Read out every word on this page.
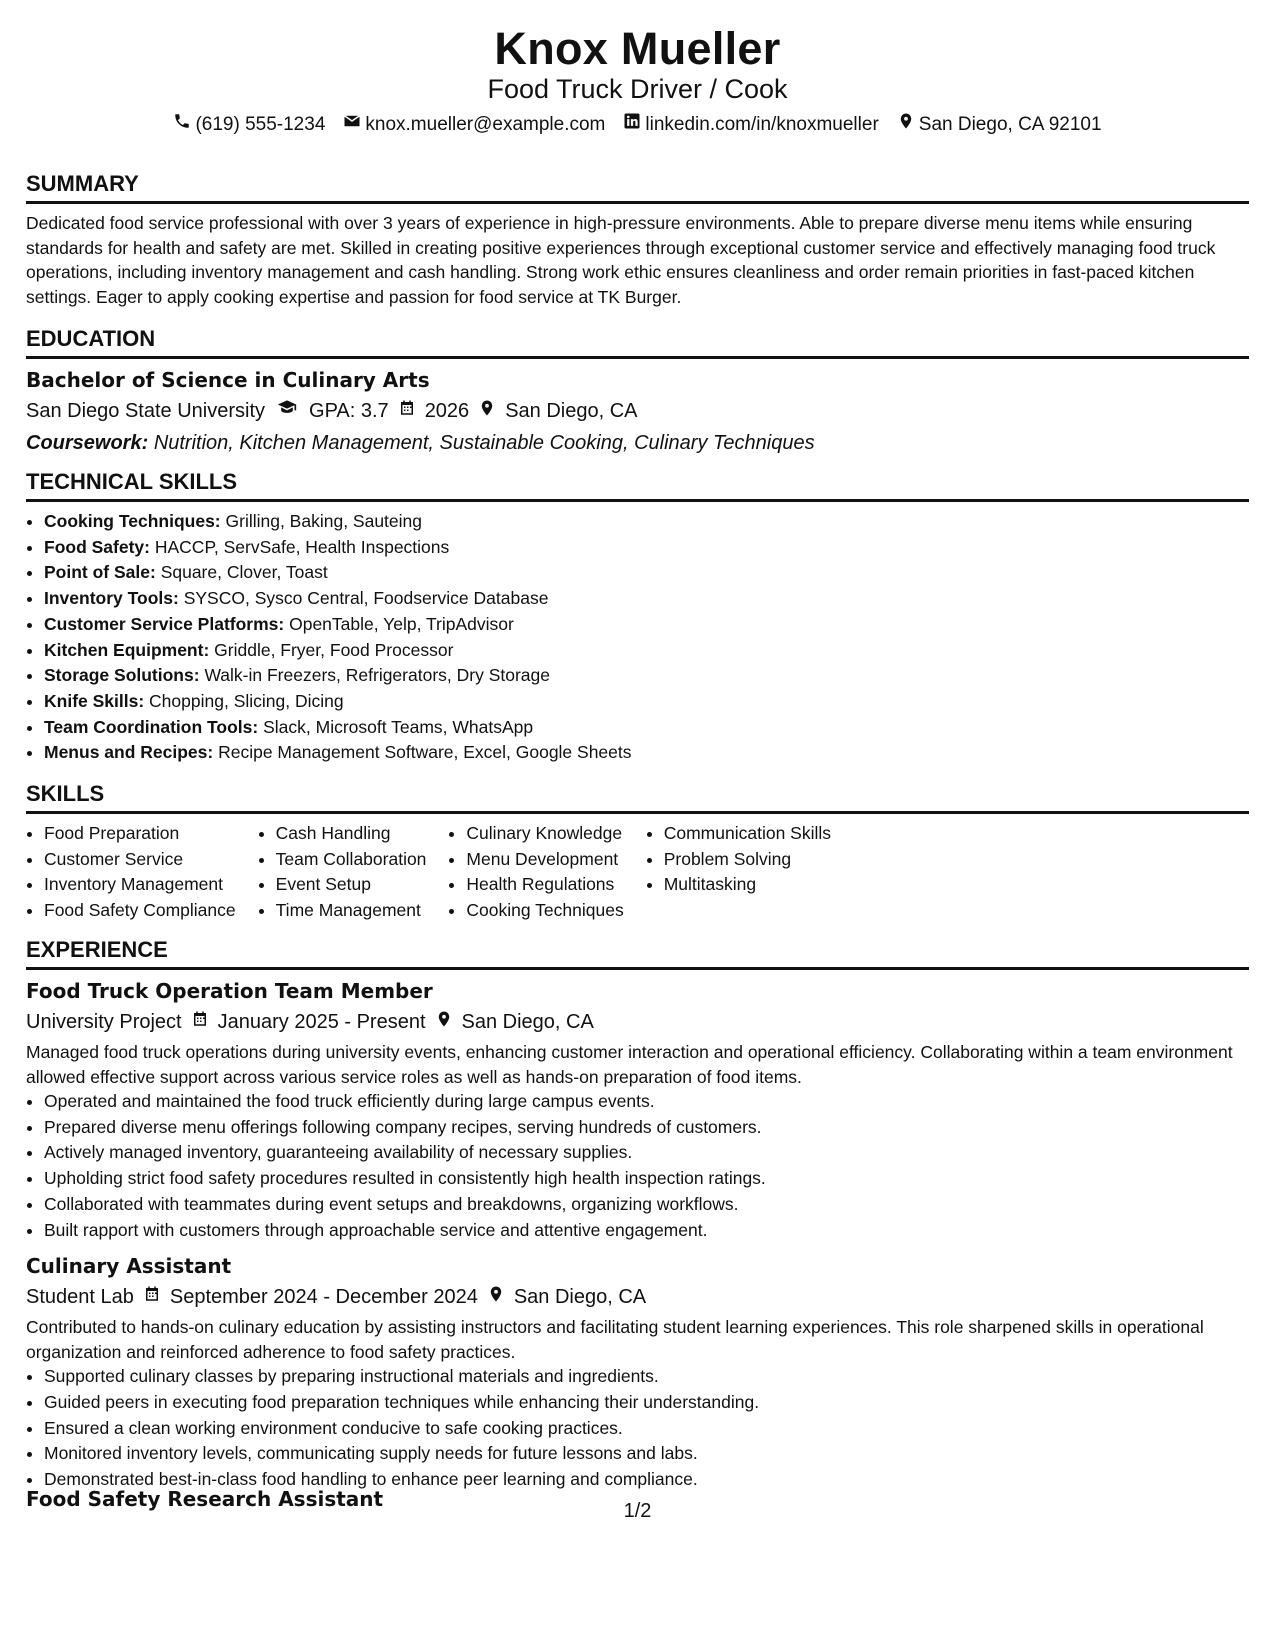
Knox Mueller
Food Truck Driver / Cook
(619) 555-1234 knox.mueller@example.com linkedin.com/in/knoxmueller San Diego, CA 92101
SUMMARY

Dedicated food service professional with over 3 years of experience in high-pressure environments. Able to prepare diverse menu items while ensuring standards for health and safety are met. Skilled in creating positive experiences through exceptional customer service and effectively managing food truck operations, including inventory management and cash handling. Strong work ethic ensures cleanliness and order remain priorities in fast-paced kitchen settings. Eager to apply cooking expertise and passion for food service at TK Burger.

EDUCATION
Bachelor of Science in Culinary Arts
San Diego State University GPA: 3.7 2026 San Diego, CA
Coursework: Nutrition, Kitchen Management, Sustainable Cooking, Culinary Techniques
TECHNICAL SKILLS
• Cooking Techniques: Grilling, Baking, Sauteing
• Food Safety: HACCP, ServSafe, Health Inspections
• Point of Sale: Square, Clover, Toast
• Inventory Tools: SYSCO, Sysco Central, Foodservice Database
• Customer Service Platforms: OpenTable, Yelp, TripAdvisor
• Kitchen Equipment: Griddle, Fryer, Food Processor
• Storage Solutions: Walk-in Freezers, Refrigerators, Dry Storage
• Knife Skills: Chopping, Slicing, Dicing
• Team Coordination Tools: Slack, Microsoft Teams, WhatsApp
• Menus and Recipes: Recipe Management Software, Excel, Google Sheets
SKILLS
• Food Preparation
• Customer Service
• Inventory Management
• Food Safety Compliance
• Cash Handling
• Team Collaboration
• Event Setup
• Time Management
• Culinary Knowledge
• Menu Development
• Health Regulations
• Cooking Techniques
• Communication Skills
• Problem Solving
• Multitasking
EXPERIENCE
Food Truck Operation Team Member
University Project January 2025 - Present San Diego, CA

Managed food truck operations during university events, enhancing customer interaction and operational efficiency. Collaborating within a team environment allowed effective support across various service roles as well as hands-on preparation of food items.

• Operated and maintained the food truck efficiently during large campus events.
• Prepared diverse menu offerings following company recipes, serving hundreds of customers.
• Actively managed inventory, guaranteeing availability of necessary supplies.
• Upholding strict food safety procedures resulted in consistently high health inspection ratings.
• Collaborated with teammates during event setups and breakdowns, organizing workflows.
• Built rapport with customers through approachable service and attentive engagement.
Culinary Assistant
Student Lab September 2024 - December 2024 San Diego, CA

Contributed to hands-on culinary education by assisting instructors and facilitating student learning experiences. This role sharpened skills in operational organization and reinforced adherence to food safety practices.

• Supported culinary classes by preparing instructional materials and ingredients.
• Guided peers in executing food preparation techniques while enhancing their understanding.
• Ensured a clean working environment conducive to safe cooking practices.
• Monitored inventory levels, communicating supply needs for future lessons and labs.
• Demonstrated best-in-class food handling to enhance peer learning and compliance.
Food Safety Research Assistant	1/2
